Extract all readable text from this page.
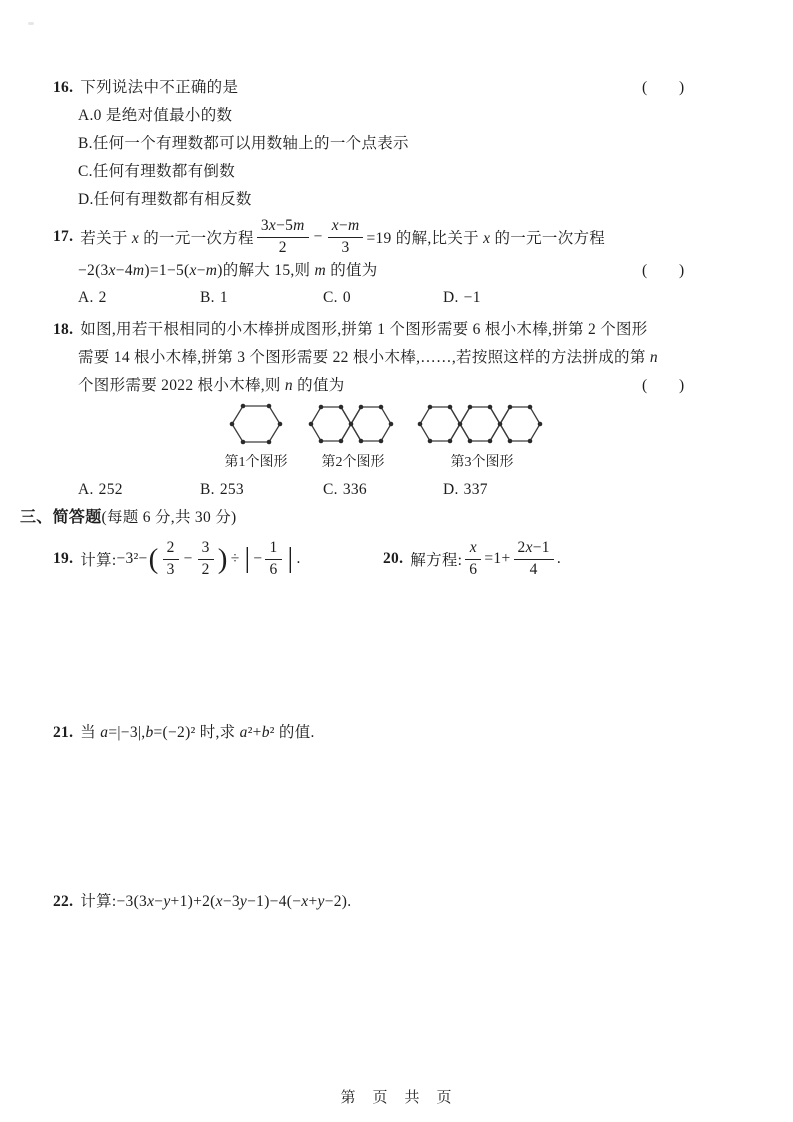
16. 下列说法中不正确的是	(　　)
A.0 是绝对值最小的数
B.任何一个有理数都可以用数轴上的一个点表示
C.任何有理数都有倒数
D.任何有理数都有相反数
17. 若关于 x 的一元一次方程 $\frac{3x-5m}{2} - \frac{x-m}{3} =19$ 的解,比关于 x 的一元一次方程
−2(3x−4m)=1−5(x−m)的解大 15,则 m 的值为	(　　)
A. 2	B. 1	C. 0	D. −1
18. 如图,用若干根相同的小木棒拼成图形,拼第 1 个图形需要 6 根小木棒,拼第 2 个图形
需要 14 根小木棒,拼第 3 个图形需要 22 根小木棒,……,若按照这样的方法拼成的第 n
个图形需要 2022 根小木棒,则 n 的值为	(　　)
第1个图形	第2个图形	第3个图形
A. 252	B. 253	C. 336	D. 337
三、简答题(每题 6 分,共 30 分)
19. 计算: −3²− ( $\frac{2}{3} - \frac{3}{2}$ ) ÷ | − $\frac{1}{6}$ | .	20. 解方程: $\frac{x}{6} =1+ \frac{2x-1}{4}$ .
21. 当 a=|−3|,b=(−2)² 时,求 a²+b² 的值.
22. 计算:−3(3x−y+1)+2(x−3y−1)−4(−x+y−2).
第　页　共　页
